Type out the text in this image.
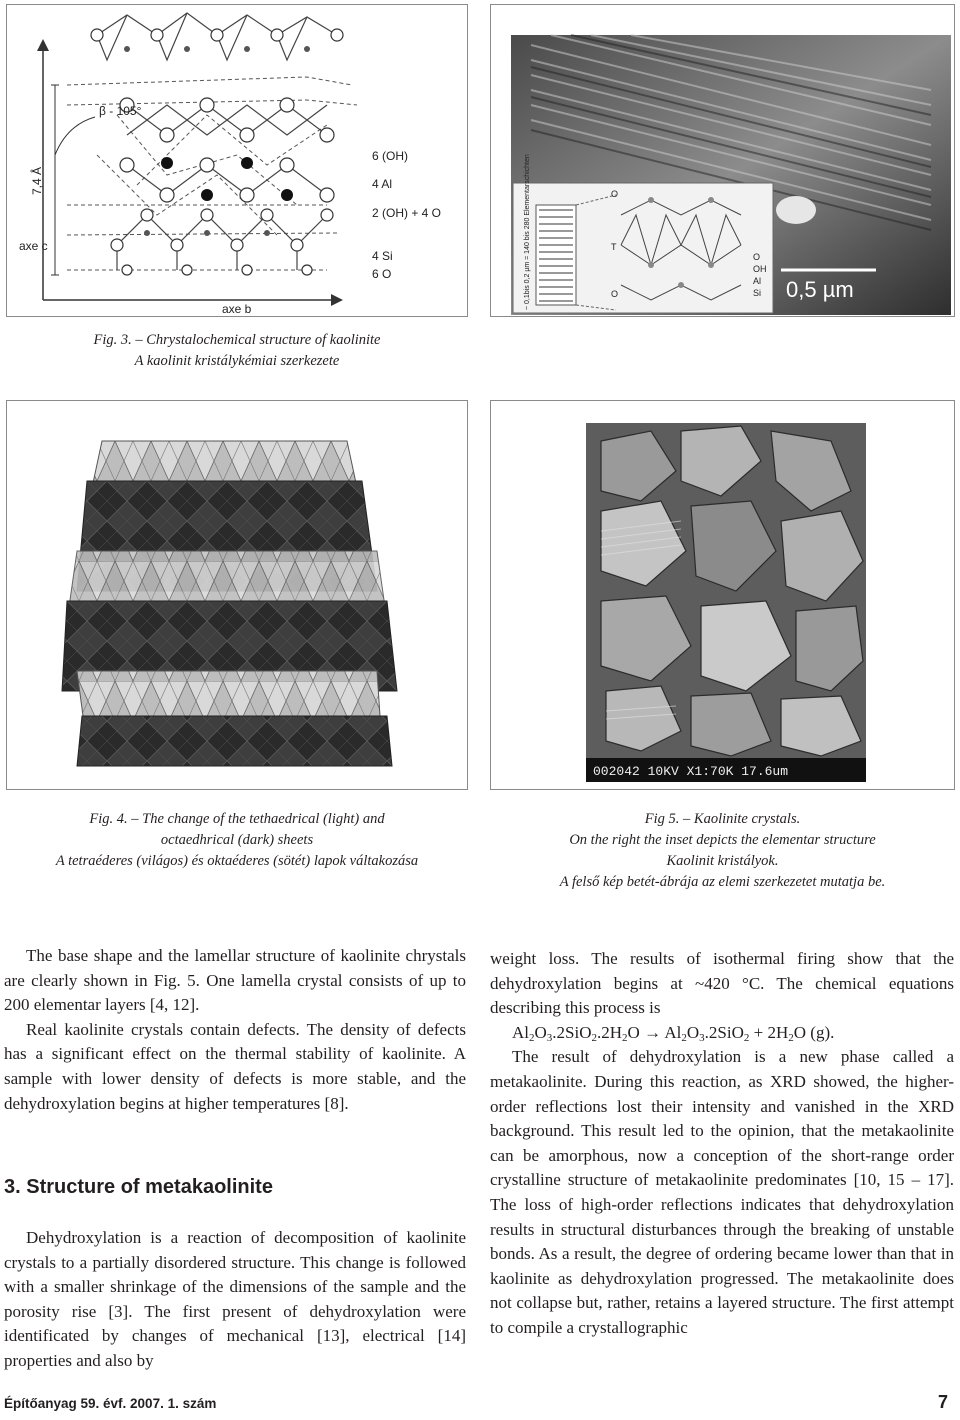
β - 105°
7,4 Å
axe c
axe b
6 (OH)
4 Al
2 (OH) + 4 O
4 Si
6 O
Fig. 3. – Chrystalochemical structure of kaolinite
A kaolinit kristálykémiai szerkezete
O
T
O
O
OH
Al
Si
~ 0,1bis 0,2 µm = 140 bis 280 Elementarschichten	0,5 µm
Fig. 4. – The change of the tethaedrical (light) and
octaedhrical (dark) sheets
A tetraéderes (világos) és oktaéderes (sötét) lapok váltakozása
002042 10KV X1:70K 17.6um
Fig 5. – Kaolinite crystals.
On the right the inset depicts the elementar structure
Kaolinit kristályok.
A felső kép betét-ábrája az elemi szerkezetet mutatja be.

The base shape and the lamellar structure of kaolinite chrystals are clearly shown in Fig. 5. One lamella crystal consists of up to 200 elementar layers [4, 12].

Real kaolinite crystals contain defects. The density of defects has a significant effect on the thermal stability of kaolinite. A sample with lower density of defects is more stable, and the dehydroxylation begins at higher temperatures [8].

3. Structure of metakaolinite

Dehydroxylation is a reaction of decomposition of kaolinite crystals to a partially disordered structure. This change is followed with a smaller shrinkage of the dimensions of the sample and the porosity rise [3]. The first present of dehydroxylation were identificated by changes of mechanical [13], electrical [14] properties and also by

weight loss. The results of isothermal firing show that the dehydroxylation begins at ~420 °C. The chemical equations describing this process is

$Al_2O_3.2SiO_2.2H_2O \to Al_2O_3.2SiO_2 + 2H_2O$ (g).

The result of dehydroxylation is a new phase called a metakaolinite. During this reaction, as XRD showed, the higher-order reflections lost their intensity and vanished in the XRD background. This result led to the opinion, that the metakaolinite can be amorphous, now a conception of the short-range order crystalline structure of metakaolinite predominates [10, 15 – 17]. The loss of high-order reflections indicates that dehydroxylation results in structural disturbances through the breaking of unstable bonds. As a result, the degree of ordering became lower than that in kaolinite as dehydroxylation progressed. The metakaolinite does not collapse but, rather, retains a layered structure. The first attempt to compile a crystallographic

Építőanyag 59. évf. 2007. 1. szám	7
